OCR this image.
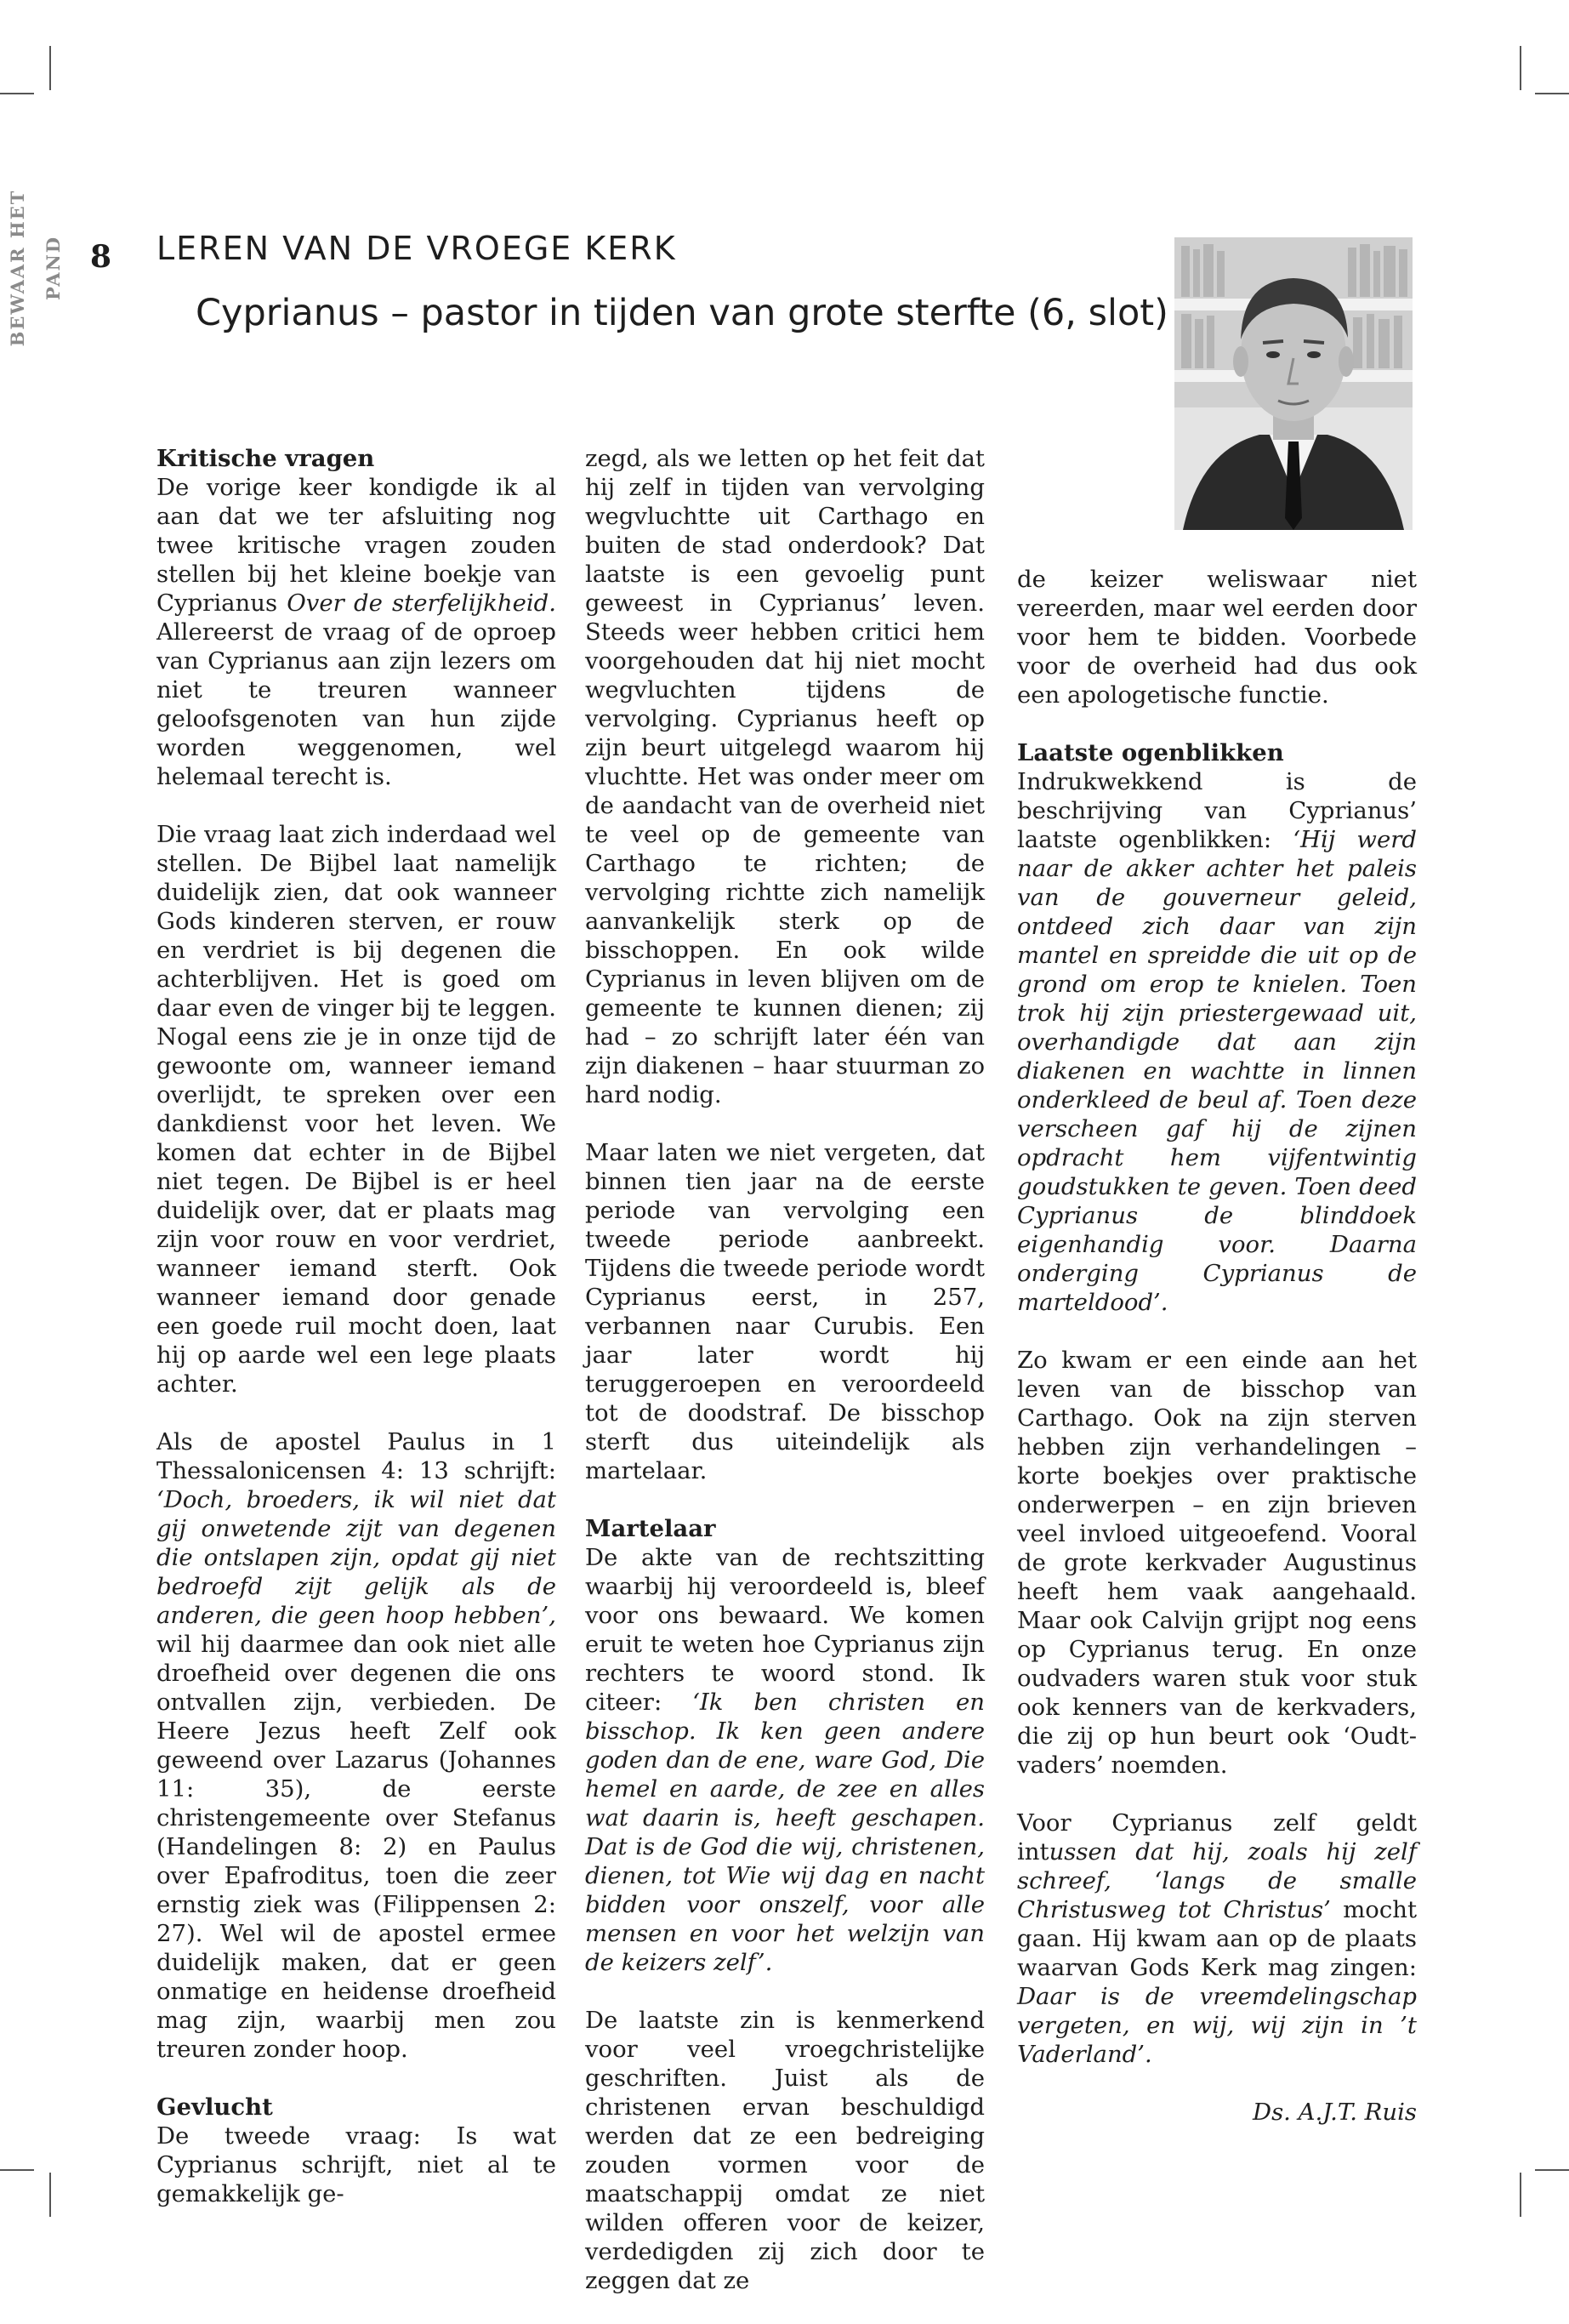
8
BEWAAR HET PAND	LEREN VAN DE VROEGE KERK
Cyprianus – pastor in tijden van grote sterfte (6, slot)
Kritische vragen

De vorige keer kondigde ik al aan dat we ter afsluiting nog twee kritische vragen zouden stellen bij het kleine boekje van Cyprianus Over de sterfelijkheid. Allereerst de vraag of de oproep van Cyprianus aan zijn lezers om niet te treuren wanneer geloofsgenoten van hun zijde worden weggenomen, wel helemaal terecht is.

Die vraag laat zich inderdaad wel stellen. De Bijbel laat namelijk duidelijk zien, dat ook wanneer Gods kinderen sterven, er rouw en verdriet is bij degenen die achterblijven. Het is goed om daar even de vinger bij te leggen. Nogal eens zie je in onze tijd de gewoonte om, wanneer iemand overlijdt, te spreken over een dankdienst voor het leven. We komen dat echter in de Bijbel niet tegen. De Bijbel is er heel duidelijk over, dat er plaats mag zijn voor rouw en voor verdriet, wanneer iemand sterft. Ook wanneer iemand door genade een goede ruil mocht doen, laat hij op aarde wel een lege plaats achter.

Als de apostel Paulus in 1 Thessalonicensen 4: 13 schrijft: ‘Doch, broeders, ik wil niet dat gij onwetende zijt van degenen die ontslapen zijn, opdat gij niet bedroefd zijt gelijk als de anderen, die geen hoop hebben’, wil hij daarmee dan ook niet alle droefheid over degenen die ons ontvallen zijn, verbieden. De Heere Jezus heeft Zelf ook geweend over Lazarus (Johannes 11: 35), de eerste christengemeente over Stefanus (Handelingen 8: 2) en Paulus over Epafroditus, toen die zeer ernstig ziek was (Filippensen 2: 27). Wel wil de apostel ermee duidelijk maken, dat er geen onmatige en heidense droefheid mag zijn, waarbij men zou treuren zonder hoop.

Gevlucht

De tweede vraag: Is wat Cyprianus schrijft, niet al te gemakkelijk ge-

zegd, als we letten op het feit dat hij zelf in tijden van vervolging wegvluchtte uit Carthago en buiten de stad onderdook? Dat laatste is een gevoelig punt geweest in Cyprianus’ leven. Steeds weer hebben critici hem voorgehouden dat hij niet mocht wegvluchten tijdens de vervolging. Cyprianus heeft op zijn beurt uitgelegd waarom hij vluchtte. Het was onder meer om de aandacht van de overheid niet te veel op de gemeente van Carthago te richten; de vervolging richtte zich namelijk aanvankelijk sterk op de bisschoppen. En ook wilde Cyprianus in leven blijven om de gemeente te kunnen dienen; zij had – zo schrijft later één van zijn diakenen – haar stuurman zo hard nodig.

Maar laten we niet vergeten, dat binnen tien jaar na de eerste periode van vervolging een tweede periode aanbreekt. Tijdens die tweede periode wordt Cyprianus eerst, in 257, verbannen naar Curubis. Een jaar later wordt hij teruggeroepen en veroordeeld tot de doodstraf. De bisschop sterft dus uiteindelijk als martelaar.

Martelaar

De akte van de rechtszitting waarbij hij veroordeeld is, bleef voor ons bewaard. We komen eruit te weten hoe Cyprianus zijn rechters te woord stond. Ik citeer: ‘Ik ben christen en bisschop. Ik ken geen andere goden dan de ene, ware God, Die hemel en aarde, de zee en alles wat daarin is, heeft geschapen. Dat is de God die wij, christenen, dienen, tot Wie wij dag en nacht bidden voor onszelf, voor alle mensen en voor het welzijn van de keizers zelf’.

De laatste zin is kenmerkend voor veel vroegchristelijke geschriften. Juist als de christenen ervan beschuldigd werden dat ze een bedreiging zouden vormen voor de maatschappij omdat ze niet wilden offeren voor de keizer, verdedigden zij zich door te zeggen dat ze

de keizer weliswaar niet vereerden, maar wel eerden door voor hem te bidden. Voorbede voor de overheid had dus ook een apologetische functie.

Laatste ogenblikken

Indrukwekkend is de beschrijving van Cyprianus’ laatste ogenblikken: ‘Hij werd naar de akker achter het paleis van de gouverneur geleid, ontdeed zich daar van zijn mantel en spreidde die uit op de grond om erop te knielen. Toen trok hij zijn priestergewaad uit, overhandigde dat aan zijn diakenen en wachtte in linnen onderkleed de beul af. Toen deze verscheen gaf hij de zijnen opdracht hem vijfentwintig goudstukken te geven. Toen deed Cyprianus de blinddoek eigenhandig voor. Daarna onderging Cyprianus de marteldood’.

Zo kwam er een einde aan het leven van de bisschop van Carthago. Ook na zijn sterven hebben zijn verhandelingen – korte boekjes over praktische onderwerpen – en zijn brieven veel invloed uitgeoefend. Vooral de grote kerkvader Augustinus heeft hem vaak aangehaald. Maar ook Calvijn grijpt nog eens op Cyprianus terug. En onze oudvaders waren stuk voor stuk ook kenners van de kerkvaders, die zij op hun beurt ook ‘Oudt-vaders’ noemden.

Voor Cyprianus zelf geldt intussen dat hij, zoals hij zelf schreef, ‘langs de smalle Christusweg tot Christus’ mocht gaan. Hij kwam aan op de plaats waarvan Gods Kerk mag zingen: Daar is de vreemdelingschap vergeten, en wij, wij zijn in ’t Vaderland’.

Ds. A.J.T. Ruis
